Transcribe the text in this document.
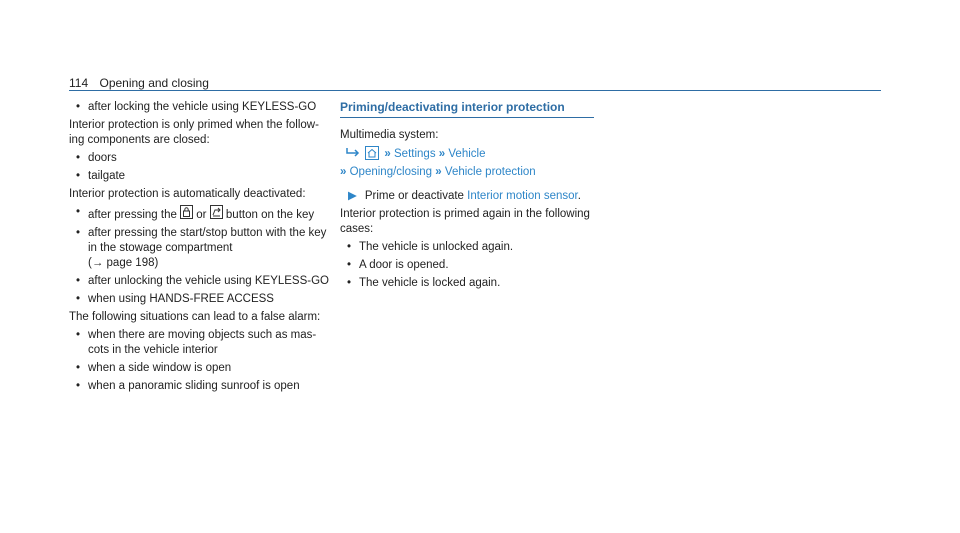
114 Opening and closing
• after locking the vehicle using KEYLESS-GO

Interior protection is only primed when the follow-ing components are closed:

• doors
• tailgate

Interior protection is automatically deactivated:

• after pressing the or button on the key
• after pressing the start/stop button with the key in the stowage compartment
(→ page 198)
• after unlocking the vehicle using KEYLESS-GO
• when using HANDS-FREE ACCESS

The following situations can lead to a false alarm:

• when there are moving objects such as mas-cots in the vehicle interior
• when a side window is open
• when a panoramic sliding sunroof is open
Priming/deactivating interior protection

Multimedia system:

» Settings » Vehicle
» Opening/closing » Vehicle protection

▶ Prime or deactivate Interior motion sensor.

Interior protection is primed again in the following cases:

• The vehicle is unlocked again.
• A door is opened.
• The vehicle is locked again.
